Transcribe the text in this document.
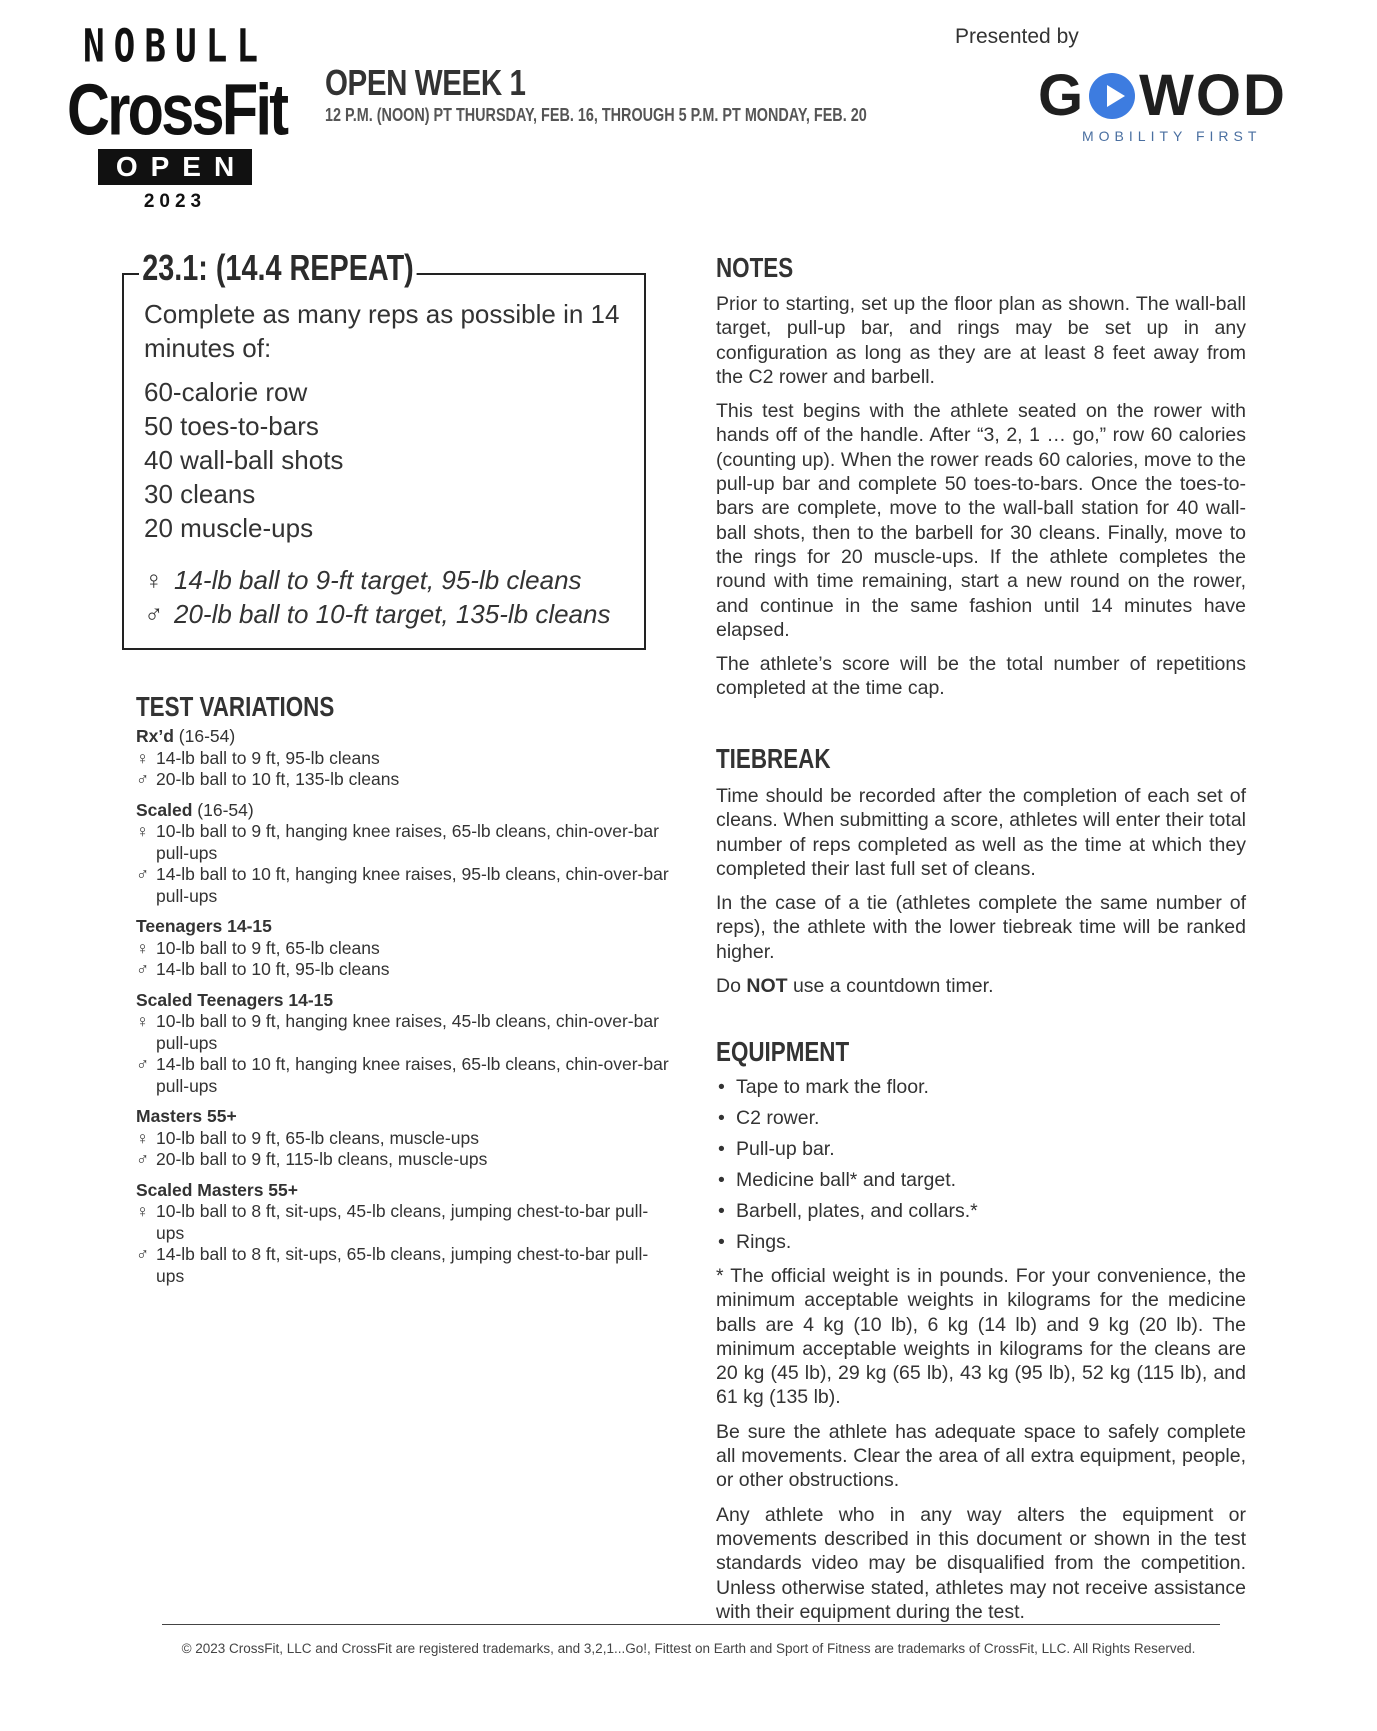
NOBULL
CrossFit
OPEN
2023
OPEN WEEK 1
12 P.M. (NOON) PT THURSDAY, FEB. 16, THROUGH 5 P.M. PT MONDAY, FEB. 20
Presented by
G WOD
MOBILITY FIRST
23.1: (14.4 REPEAT)
Complete as many reps as possible in 14 minutes of:
60-calorie row
50 toes-to-bars
40 wall-ball shots
30 cleans
20 muscle-ups
♀ 14-lb ball to 9-ft target, 95-lb cleans
♂ 20-lb ball to 10-ft target, 135-lb cleans
TEST VARIATIONS
Rx’d (16-54)
♀ 14-lb ball to 9 ft, 95-lb cleans
♂ 20-lb ball to 10 ft, 135-lb cleans
Scaled (16-54)
♀ 10-lb ball to 9 ft, hanging knee raises, 65-lb cleans, chin-over-bar pull-ups
♂ 14-lb ball to 10 ft, hanging knee raises, 95-lb cleans, chin-over-bar pull-ups
Teenagers 14-15
♀ 10-lb ball to 9 ft, 65-lb cleans
♂ 14-lb ball to 10 ft, 95-lb cleans
Scaled Teenagers 14-15
♀ 10-lb ball to 9 ft, hanging knee raises, 45-lb cleans, chin-over-bar pull-ups
♂ 14-lb ball to 10 ft, hanging knee raises, 65-lb cleans, chin-over-bar pull-ups
Masters 55+
♀ 10-lb ball to 9 ft, 65-lb cleans, muscle-ups
♂ 20-lb ball to 9 ft, 115-lb cleans, muscle-ups
Scaled Masters 55+
♀ 10-lb ball to 8 ft, sit-ups, 45-lb cleans, jumping chest-to-bar pull-ups
♂ 14-lb ball to 8 ft, sit-ups, 65-lb cleans, jumping chest-to-bar pull-ups
NOTES

Prior to starting, set up the floor plan as shown. The wall-ball target, pull-up bar, and rings may be set up in any configuration as long as they are at least 8 feet away from the C2 rower and barbell.

This test begins with the athlete seated on the rower with hands off of the handle. After “3, 2, 1 … go,” row 60 calories (counting up). When the rower reads 60 calories, move to the pull-up bar and complete 50 toes-to-bars. Once the toes-to-bars are complete, move to the wall-ball station for 40 wall-ball shots, then to the barbell for 30 cleans. Finally, move to the rings for 20 muscle-ups. If the athlete completes the round with time remaining, start a new round on the rower, and continue in the same fashion until 14 minutes have elapsed.

The athlete’s score will be the total number of repetitions completed at the time cap.

TIEBREAK

Time should be recorded after the completion of each set of cleans. When submitting a score, athletes will enter their total number of reps completed as well as the time at which they completed their last full set of cleans.

In the case of a tie (athletes complete the same number of reps), the athlete with the lower tiebreak time will be ranked higher.

Do NOT use a countdown timer.

EQUIPMENT
• Tape to mark the floor.
• C2 rower.
• Pull-up bar.
• Medicine ball* and target.
• Barbell, plates, and collars.*
• Rings.

* The official weight is in pounds. For your convenience, the minimum acceptable weights in kilograms for the medicine balls are 4 kg (10 lb), 6 kg (14 lb) and 9 kg (20 lb). The minimum acceptable weights in kilograms for the cleans are 20 kg (45 lb), 29 kg (65 lb), 43 kg (95 lb), 52 kg (115 lb), and 61 kg (135 lb).

Be sure the athlete has adequate space to safely complete all movements. Clear the area of all extra equipment, people, or other obstructions.

Any athlete who in any way alters the equipment or movements described in this document or shown in the test standards video may be disqualified from the competition. Unless otherwise stated, athletes may not receive assistance with their equipment during the test.

© 2023 CrossFit, LLC and CrossFit are registered trademarks, and 3,2,1...Go!, Fittest on Earth and Sport of Fitness are trademarks of CrossFit, LLC. All Rights Reserved.
